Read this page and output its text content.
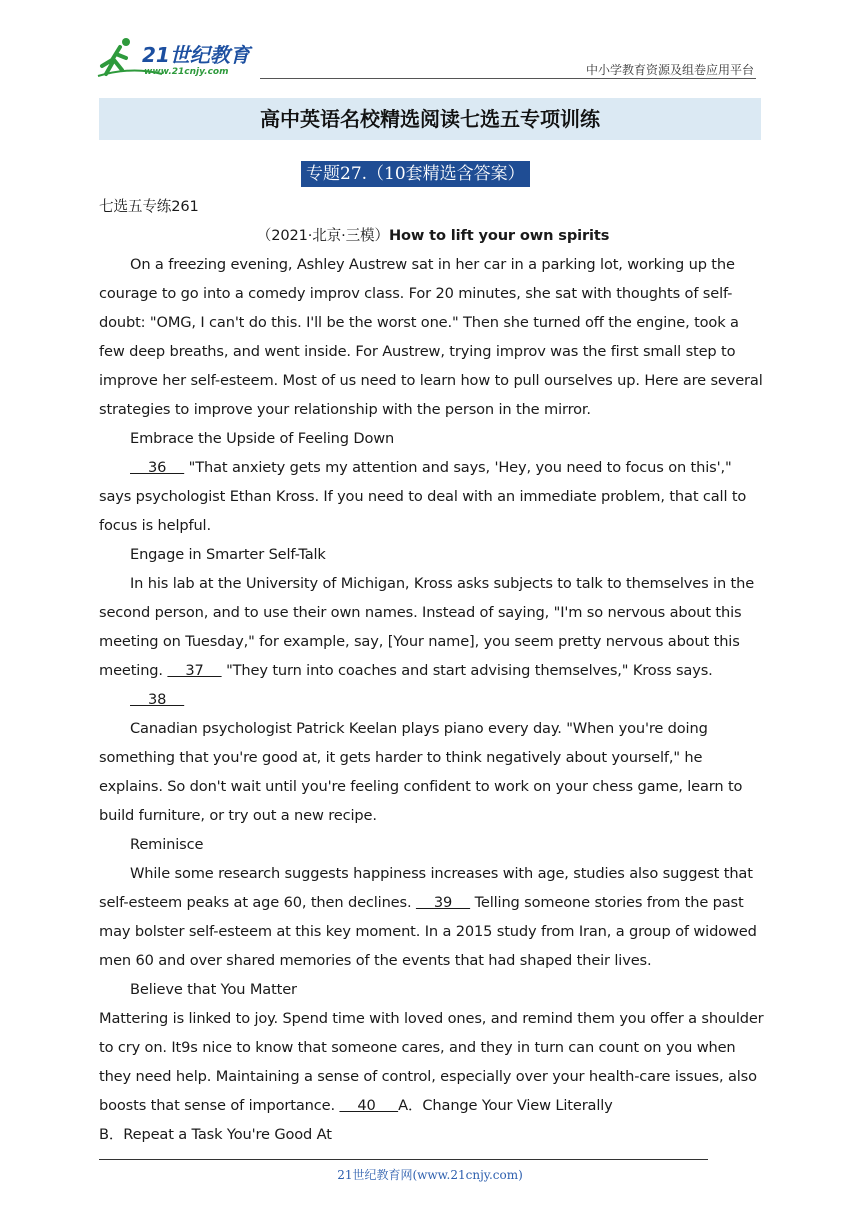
21世纪教育
www.21cnjy.com	中小学教育资源及组卷应用平台
高中英语名校精选阅读七选五专项训练
专题27.（10套精选含答案）

七选五专练261

（2021·北京·三模）How to lift your own spirits

On a freezing evening, Ashley Austrew sat in her car in a parking lot, working up the courage to go into a comedy improv class. For 20 minutes, she sat with thoughts of self-doubt: "OMG, I can't do this. I'll be the worst one." Then she turned off the engine, took a few deep breaths, and went inside. For Austrew, trying improv was the first small step to improve her self-esteem. Most of us need to learn how to pull ourselves up. Here are several strategies to improve your relationship with the person in the mirror.

Embrace the Upside of Feeling Down

36     "That anxiety gets my attention and says, 'Hey, you need to focus on this'," says psychologist Ethan Kross. If you need to deal with an immediate problem, that call to focus is helpful.

Engage in Smarter Self-Talk

In his lab at the University of Michigan, Kross asks subjects to talk to themselves in the second person, and to use their own names. Instead of saying, "I'm so nervous about this meeting on Tuesday," for example, say, [Your name], you seem pretty nervous about this meeting.     37     "They turn into coaches and start advising themselves," Kross says.

38

Canadian psychologist Patrick Keelan plays piano every day. "When you're doing something that you're good at, it gets harder to think negatively about yourself," he explains. So don't wait until you're feeling confident to work on your chess game, learn to build furniture, or try out a new recipe.

Reminisce

While some research suggests happiness increases with age, studies also suggest that self-esteem peaks at age 60, then declines.     39     Telling someone stories from the past may bolster self-esteem at this key moment. In a 2015 study from Iran, a group of widowed men 60 and over shared memories of the events that had shaped their lives.

Believe that You Matter

Mattering is linked to joy. Spend time with loved ones, and remind them you offer a shoulder to cry on. It9s nice to know that someone cares, and they in turn can count on you when they need help. Maintaining a sense of control, especially over your health-care issues, also boosts that sense of importance.     40     A．Change Your View Literally

B．Repeat a Task You're Good At

21世纪教育网(www.21cnjy.com)
